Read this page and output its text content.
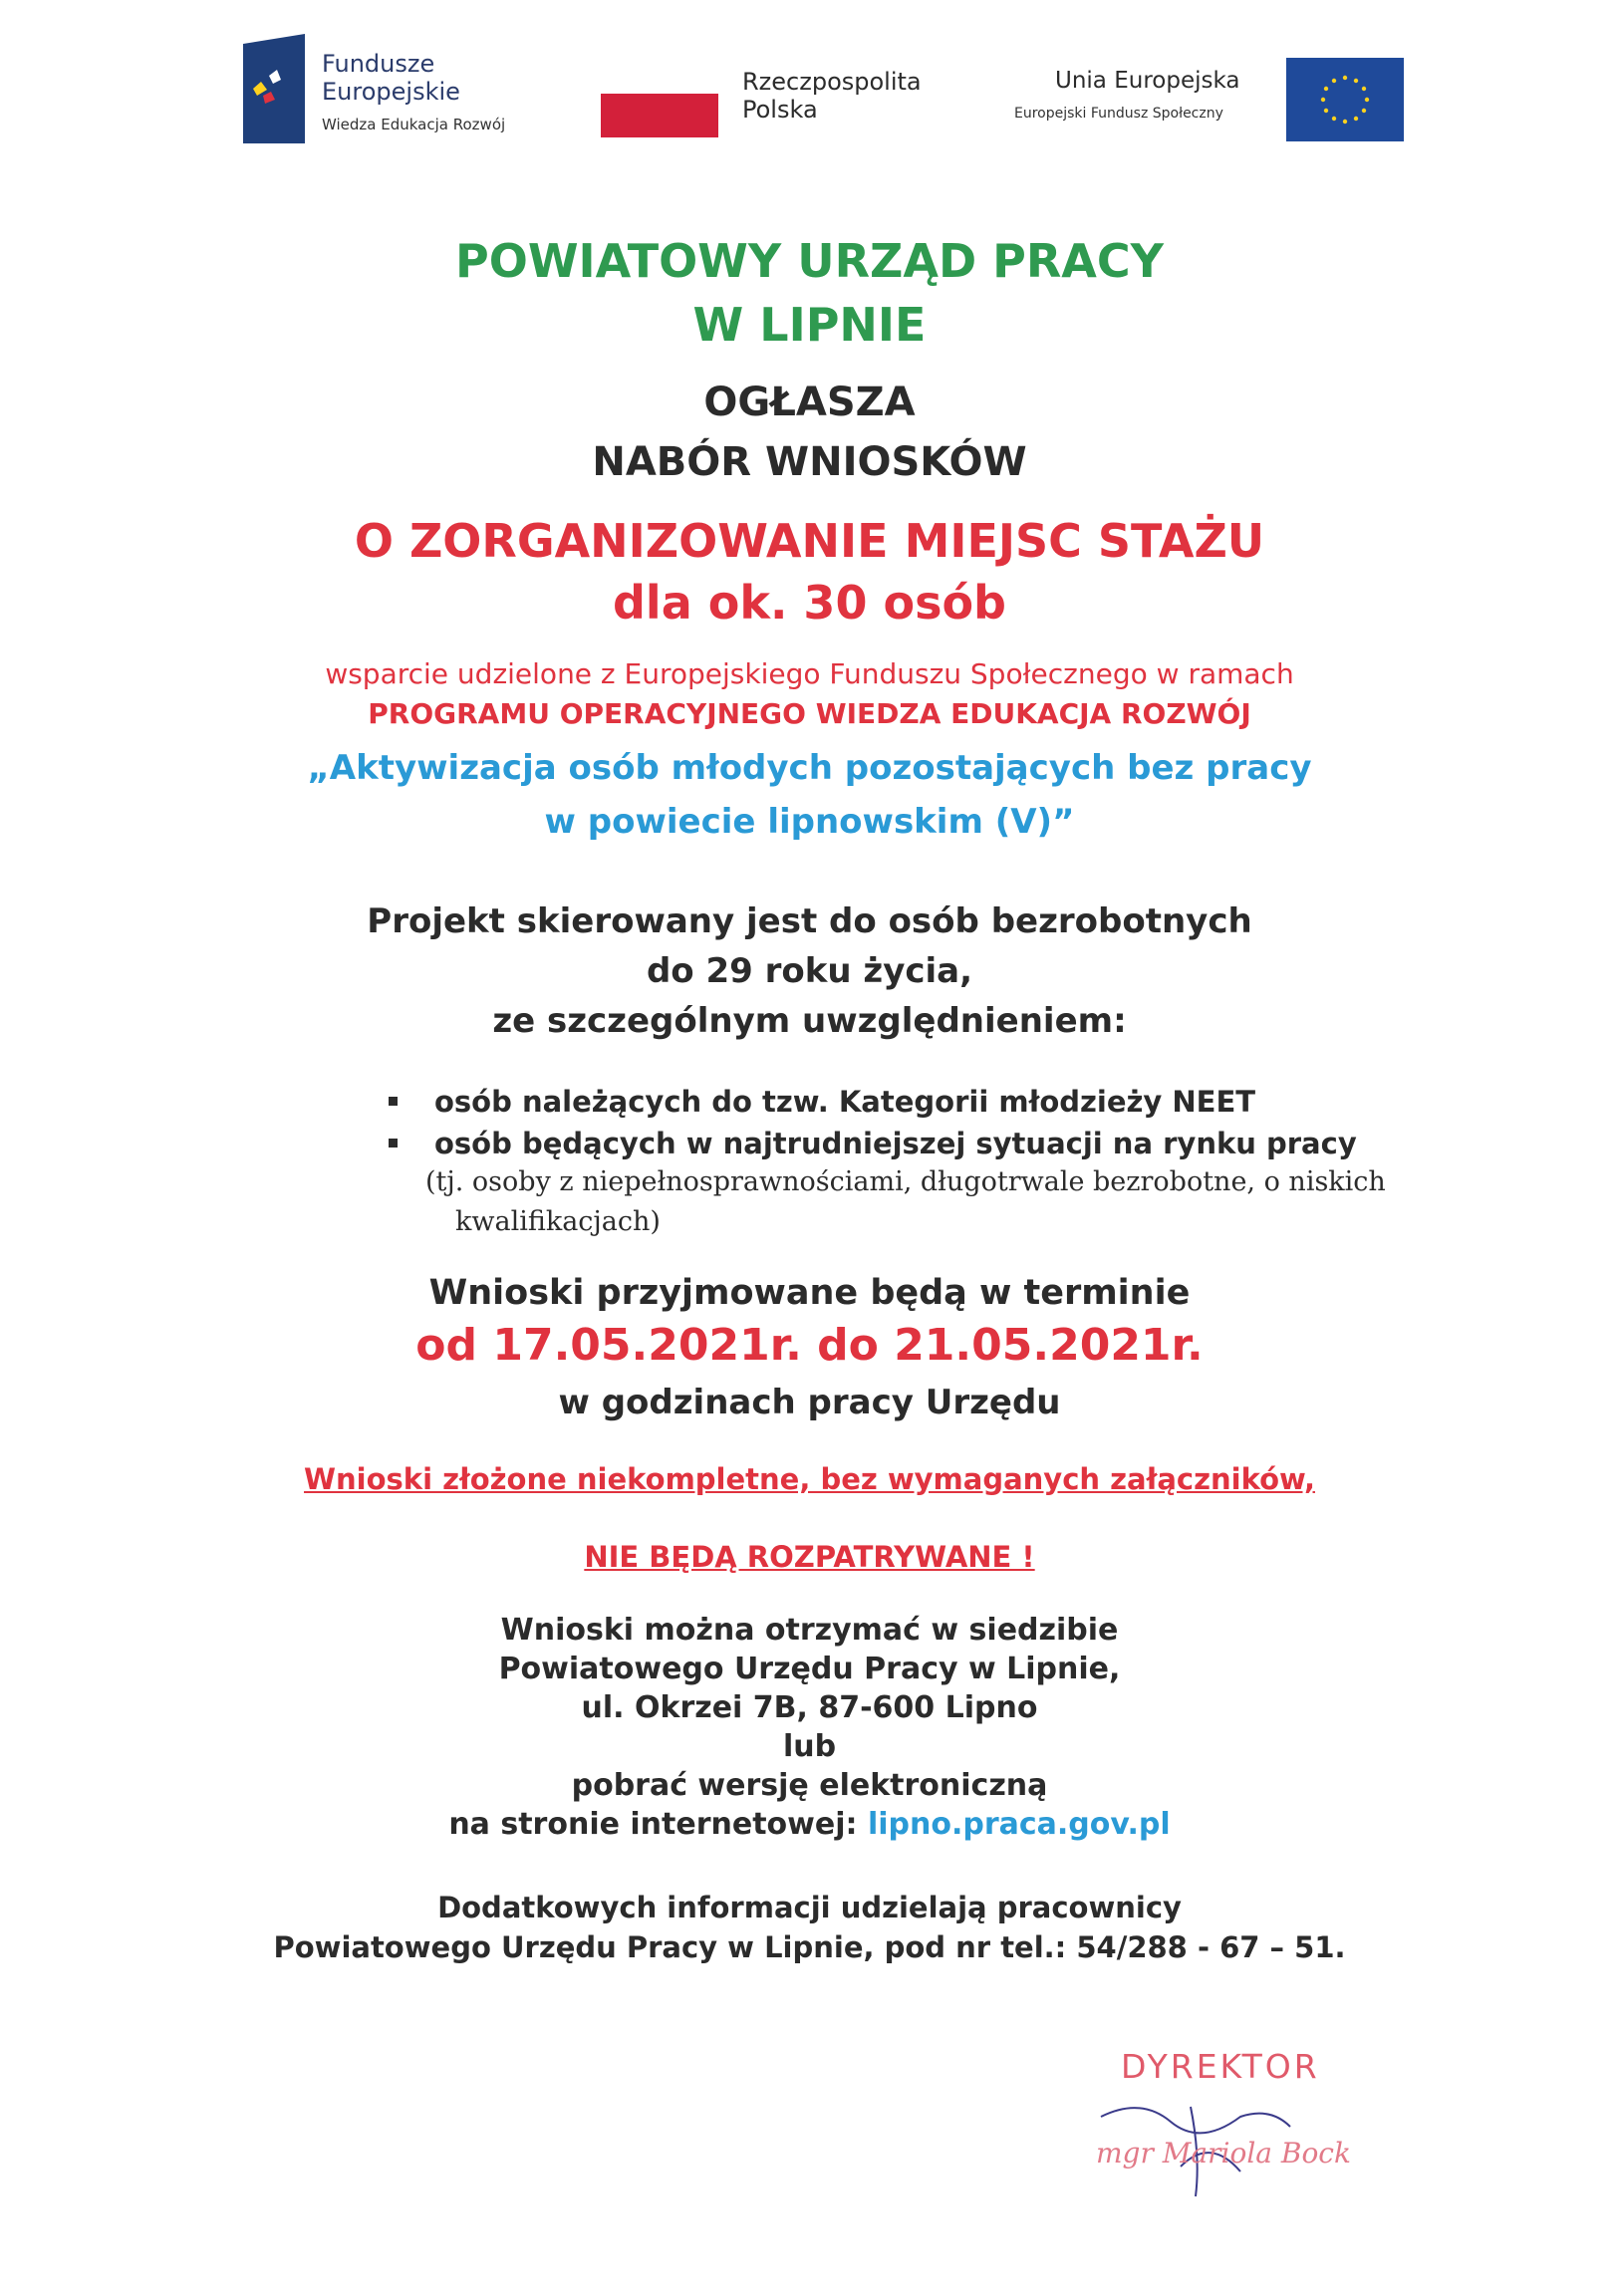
Fundusze
Europejskie
Wiedza Edukacja Rozwój
Rzeczpospolita
Polska
Unia Europejska
Europejski Fundusz Społeczny
POWIATOWY URZĄD PRACY
W LIPNIE
OGŁASZA
NABÓR WNIOSKÓW
O ZORGANIZOWANIE MIEJSC STAŻU
dla ok. 30 osób
wsparcie udzielone z Europejskiego Funduszu Społecznego w ramach
PROGRAMU OPERACYJNEGO WIEDZA EDUKACJA ROZWÓJ
„Aktywizacja osób młodych pozostających bez pracy
w powiecie lipnowskim (V)”
Projekt skierowany jest do osób bezrobotnych
do 29 roku życia,
ze szczególnym uwzględnieniem:
osób należących do tzw. Kategorii młodzieży NEET
osób będących w najtrudniejszej sytuacji na rynku pracy
(tj. osoby z niepełnosprawnościami, długotrwale bezrobotne, o niskich
kwalifikacjach)
Wnioski przyjmowane będą w terminie
od 17.05.2021r. do 21.05.2021r.
w godzinach pracy Urzędu
Wnioski złożone niekompletne, bez wymaganych załączników,
NIE BĘDĄ ROZPATRYWANE !
Wnioski można otrzymać w siedzibie
Powiatowego Urzędu Pracy w Lipnie,
ul. Okrzei 7B, 87-600 Lipno
lub
pobrać wersję elektroniczną
na stronie internetowej: lipno.praca.gov.pl
Dodatkowych informacji udzielają pracownicy
Powiatowego Urzędu Pracy w Lipnie, pod nr tel.: 54/288 - 67 – 51.
DYREKTOR
mgr Mariola Bock
